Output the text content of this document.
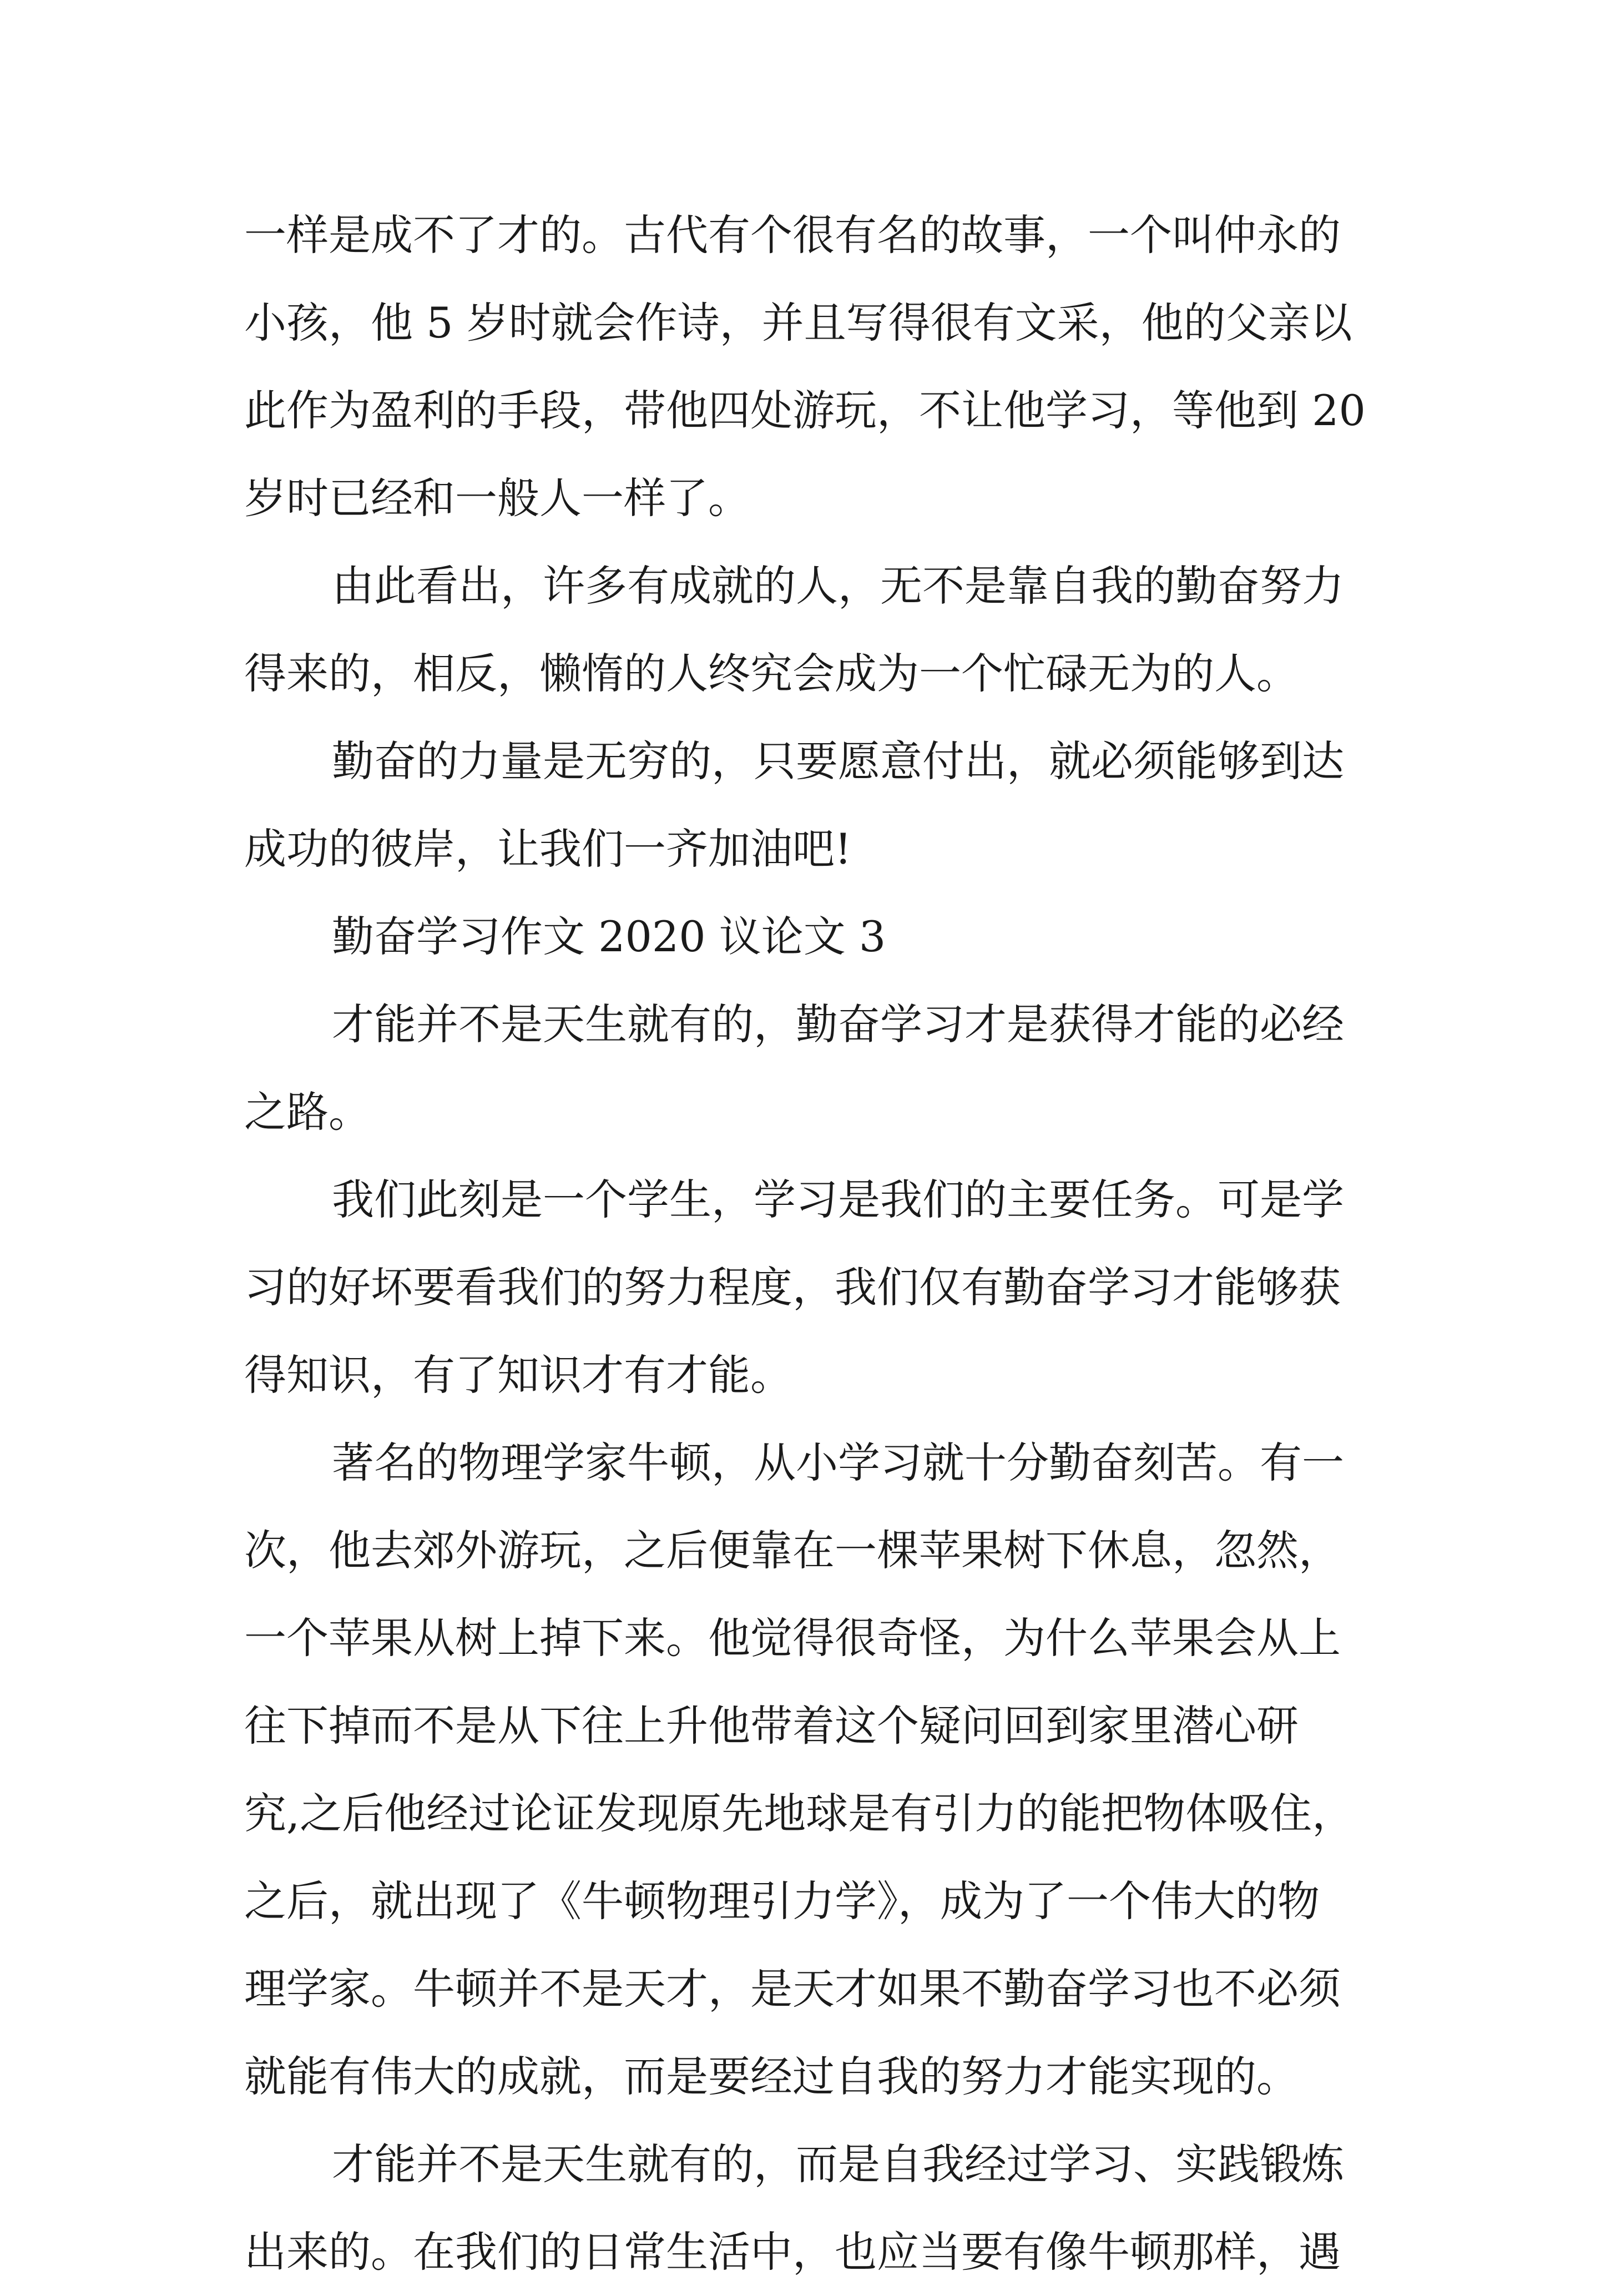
一样是成不了才的。古代有个很有名的故事，一个叫仲永的
小孩，他 5 岁时就会作诗，并且写得很有文采，他的父亲以
此作为盈利的手段，带他四处游玩，不让他学习，等他到 20
岁时已经和一般人一样了。
由此看出，许多有成就的人，无不是靠自我的勤奋努力
得来的，相反，懒惰的人终究会成为一个忙碌无为的人。
勤奋的力量是无穷的，只要愿意付出，就必须能够到达
成功的彼岸，让我们一齐加油吧!
勤奋学习作文 2020 议论文 3
才能并不是天生就有的，勤奋学习才是获得才能的必经
之路。
我们此刻是一个学生，学习是我们的主要任务。可是学
习的好坏要看我们的努力程度，我们仅有勤奋学习才能够获
得知识，有了知识才有才能。
著名的物理学家牛顿，从小学习就十分勤奋刻苦。有一
次，他去郊外游玩，之后便靠在一棵苹果树下休息，忽然，
一个苹果从树上掉下来。他觉得很奇怪，为什么苹果会从上
往下掉而不是从下往上升他带着这个疑问回到家里潜心研
究,之后他经过论证发现原先地球是有引力的能把物体吸住，
之后，就出现了《牛顿物理引力学》，成为了一个伟大的物
理学家。牛顿并不是天才，是天才如果不勤奋学习也不必须
就能有伟大的成就，而是要经过自我的努力才能实现的。
才能并不是天生就有的，而是自我经过学习、实践锻炼
出来的。在我们的日常生活中，也应当要有像牛顿那样，遇
